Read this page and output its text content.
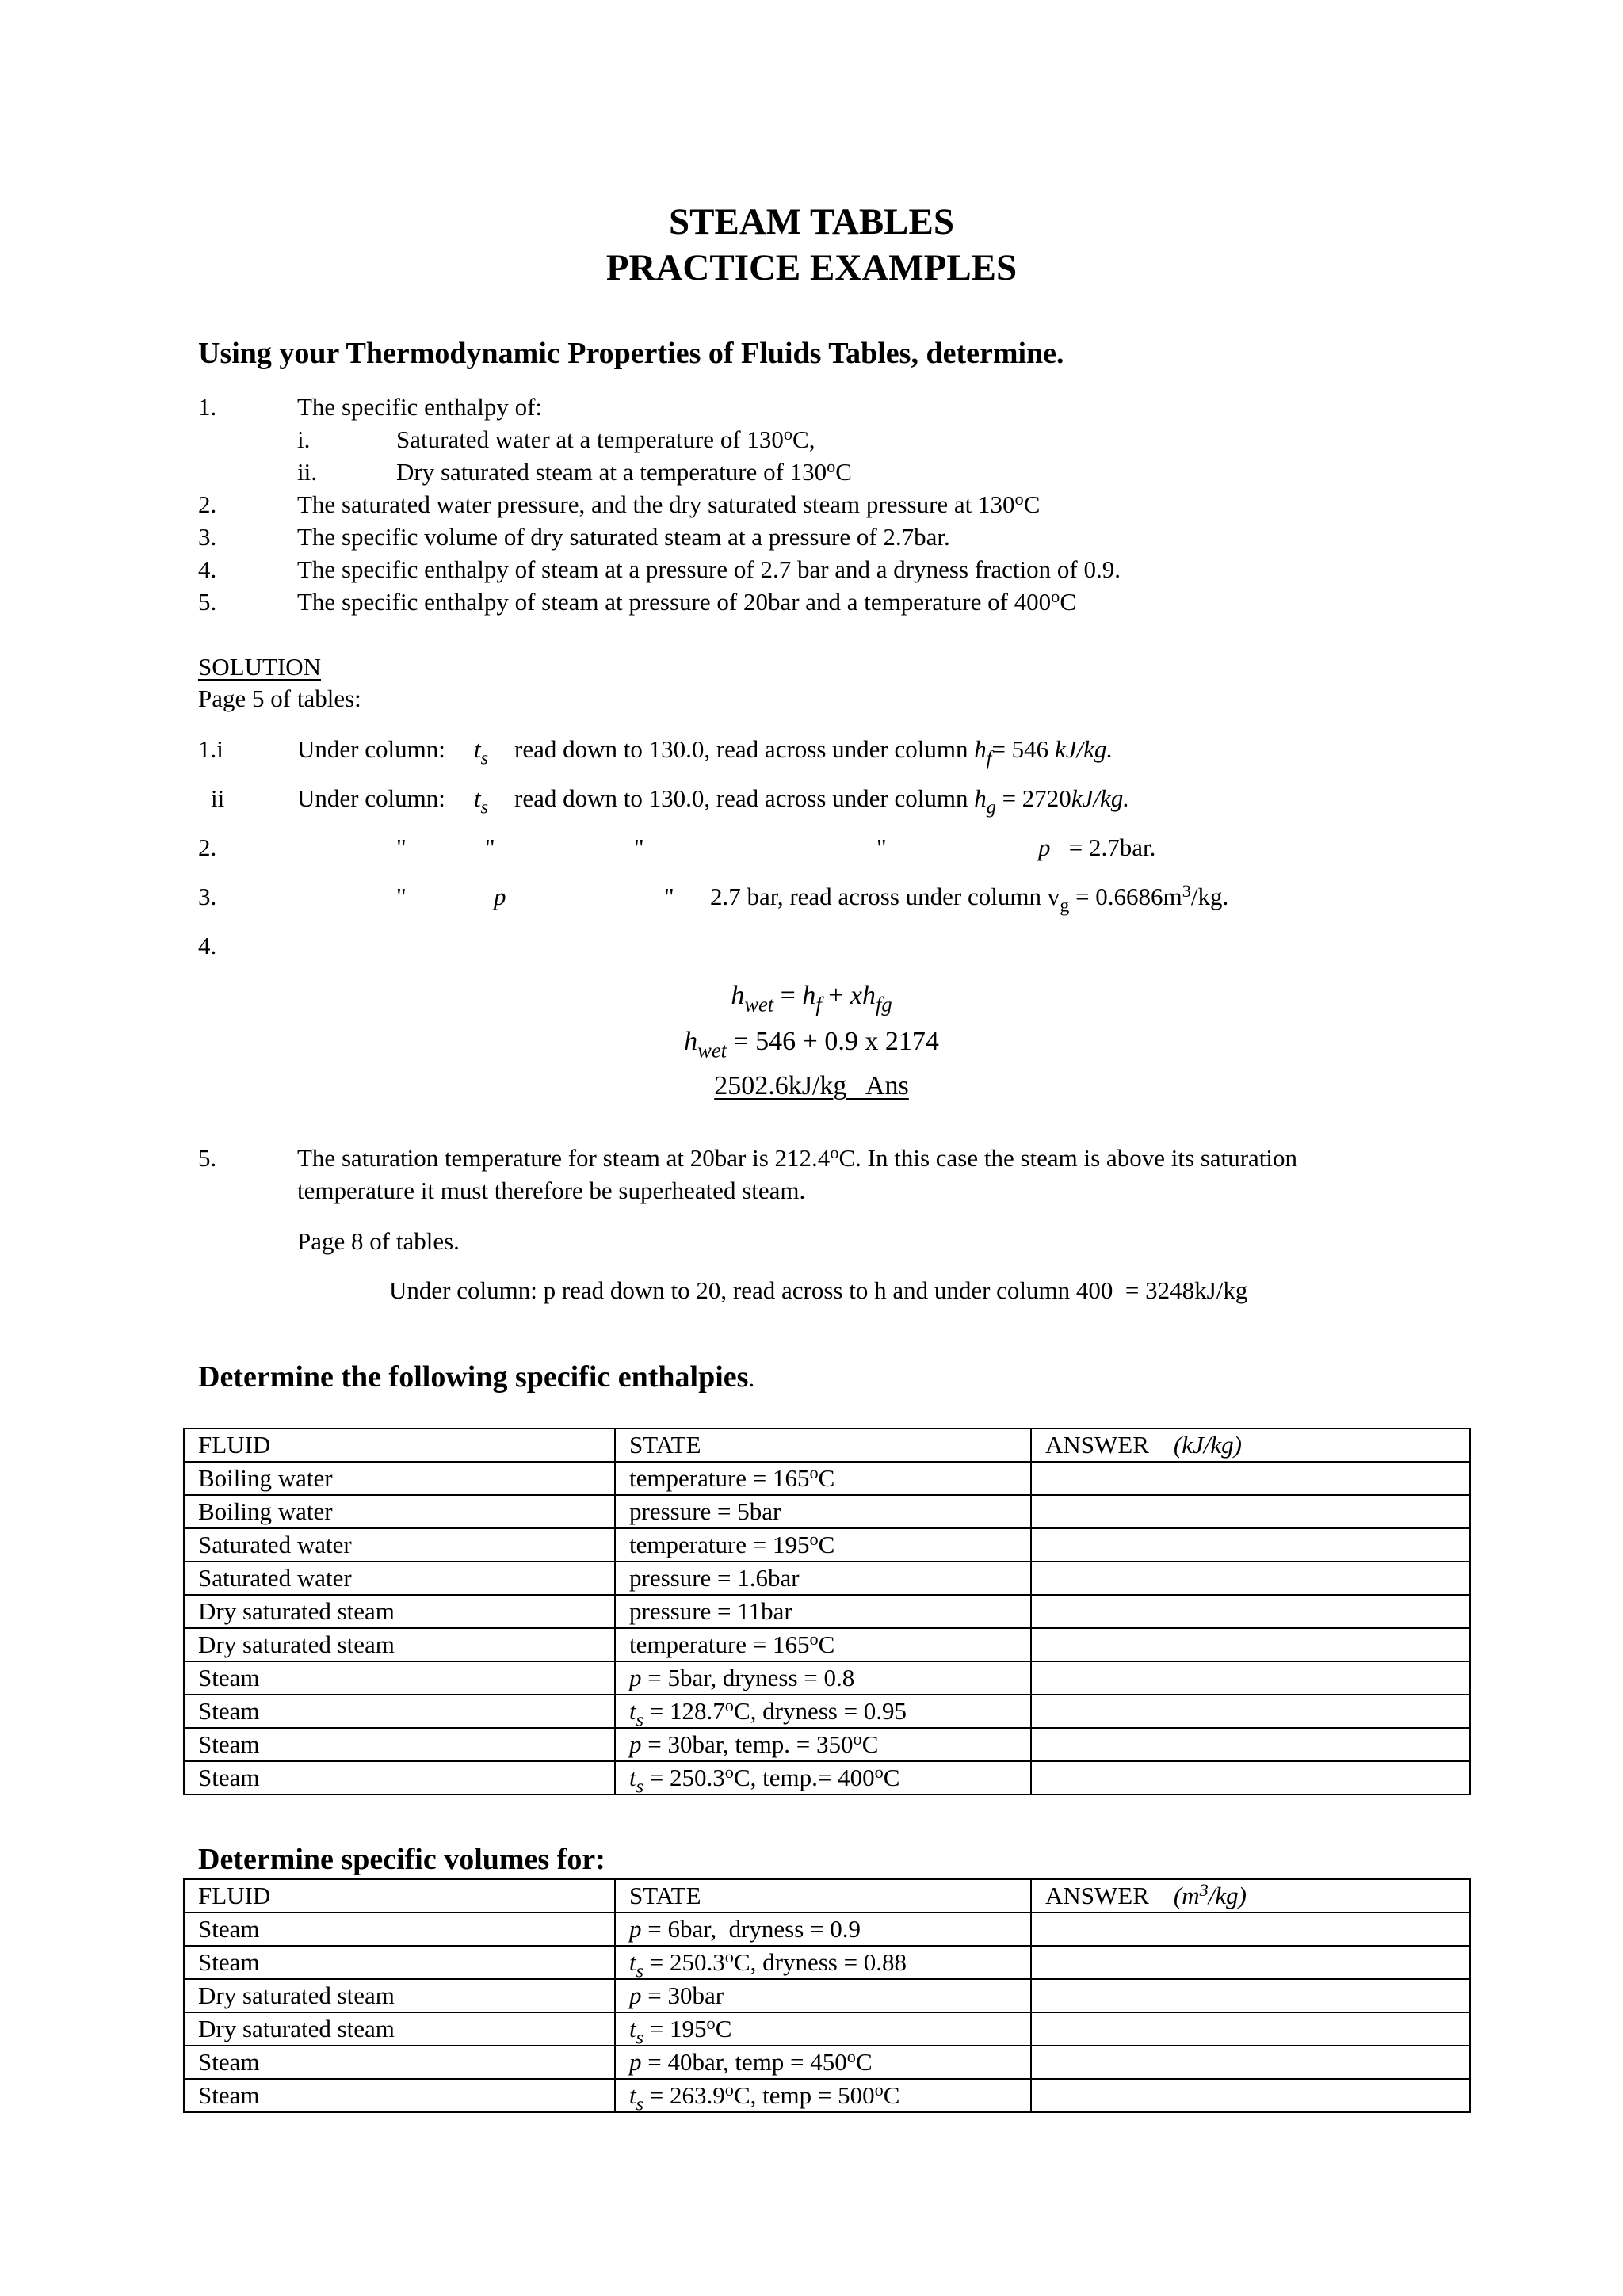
STEAM TABLES
PRACTICE EXAMPLES
Using your Thermodynamic Properties of Fluids Tables, determine.
1.	The specific enthalpy of:
i.	Saturated water at a temperature of 130$^o$C,
ii.	Dry saturated steam at a temperature of 130$^o$C
2.	The saturated water pressure, and the dry saturated steam pressure at 130$^o$C
3.	The specific volume of dry saturated steam at a pressure of 2.7bar.
4.	The specific enthalpy of steam at a pressure of 2.7 bar and a dryness fraction of 0.9.
5.	The specific enthalpy of steam at pressure of 20bar and a temperature of 400$^o$C
SOLUTION
Page 5 of tables:
1.i	Under column: $t_s$ read down to 130.0, read across under column $h_f= 546$ kJ/kg.
ii	Under column: $t_s$ read down to 130.0, read across under column $h_g = 2720kJ/kg$.
2.	"	"	"	"	p = 2.7bar.
3.	"	p	" 2.7 bar, read across under column $v_g = 0.6686m^3/kg$.
4.
$h_{wet} = h_f + xh_{fg}$
$h_{wet} = 546 + 0.9$ x 2174
2502.6kJ/kg   Ans
5.	The saturation temperature for steam at 20bar is 212.4$^o$C. In this case the steam is above its saturation
temperature it must therefore be superheated steam.
Page 8 of tables.
Under column: p read down to 20, read across to h and under column 400  = 3248kJ/kg
Determine the following specific enthalpies.
FLUID	STATE	ANSWER (kJ/kg)
Boiling water	temperature = $165^oC$	
Boiling water	pressure = 5bar	
Saturated water	temperature = $195^oC$	
Saturated water	pressure = 1.6bar	
Dry saturated steam	pressure = 11bar	
Dry saturated steam	temperature = $165^oC$	
Steam	p = 5bar, dryness = 0.8	
Steam	$t_s = 128.7^oC$, dryness = 0.95	
Steam	p = 30bar, temp. = $350^oC$	
Steam	$t_s = 250.3^oC$, temp.= $400^oC$	
Determine specific volumes for:
FLUID	STATE	ANSWER $(m^3/kg)$
Steam	p = 6bar,  dryness = 0.9	
Steam	$t_s = 250.3^oC$, dryness = 0.88	
Dry saturated steam	p = 30bar	
Dry saturated steam	$t_s = 195^oC$	
Steam	p = 40bar, temp = $450^oC$	
Steam	$t_s = 263.9^oC$, temp = $500^oC$	
